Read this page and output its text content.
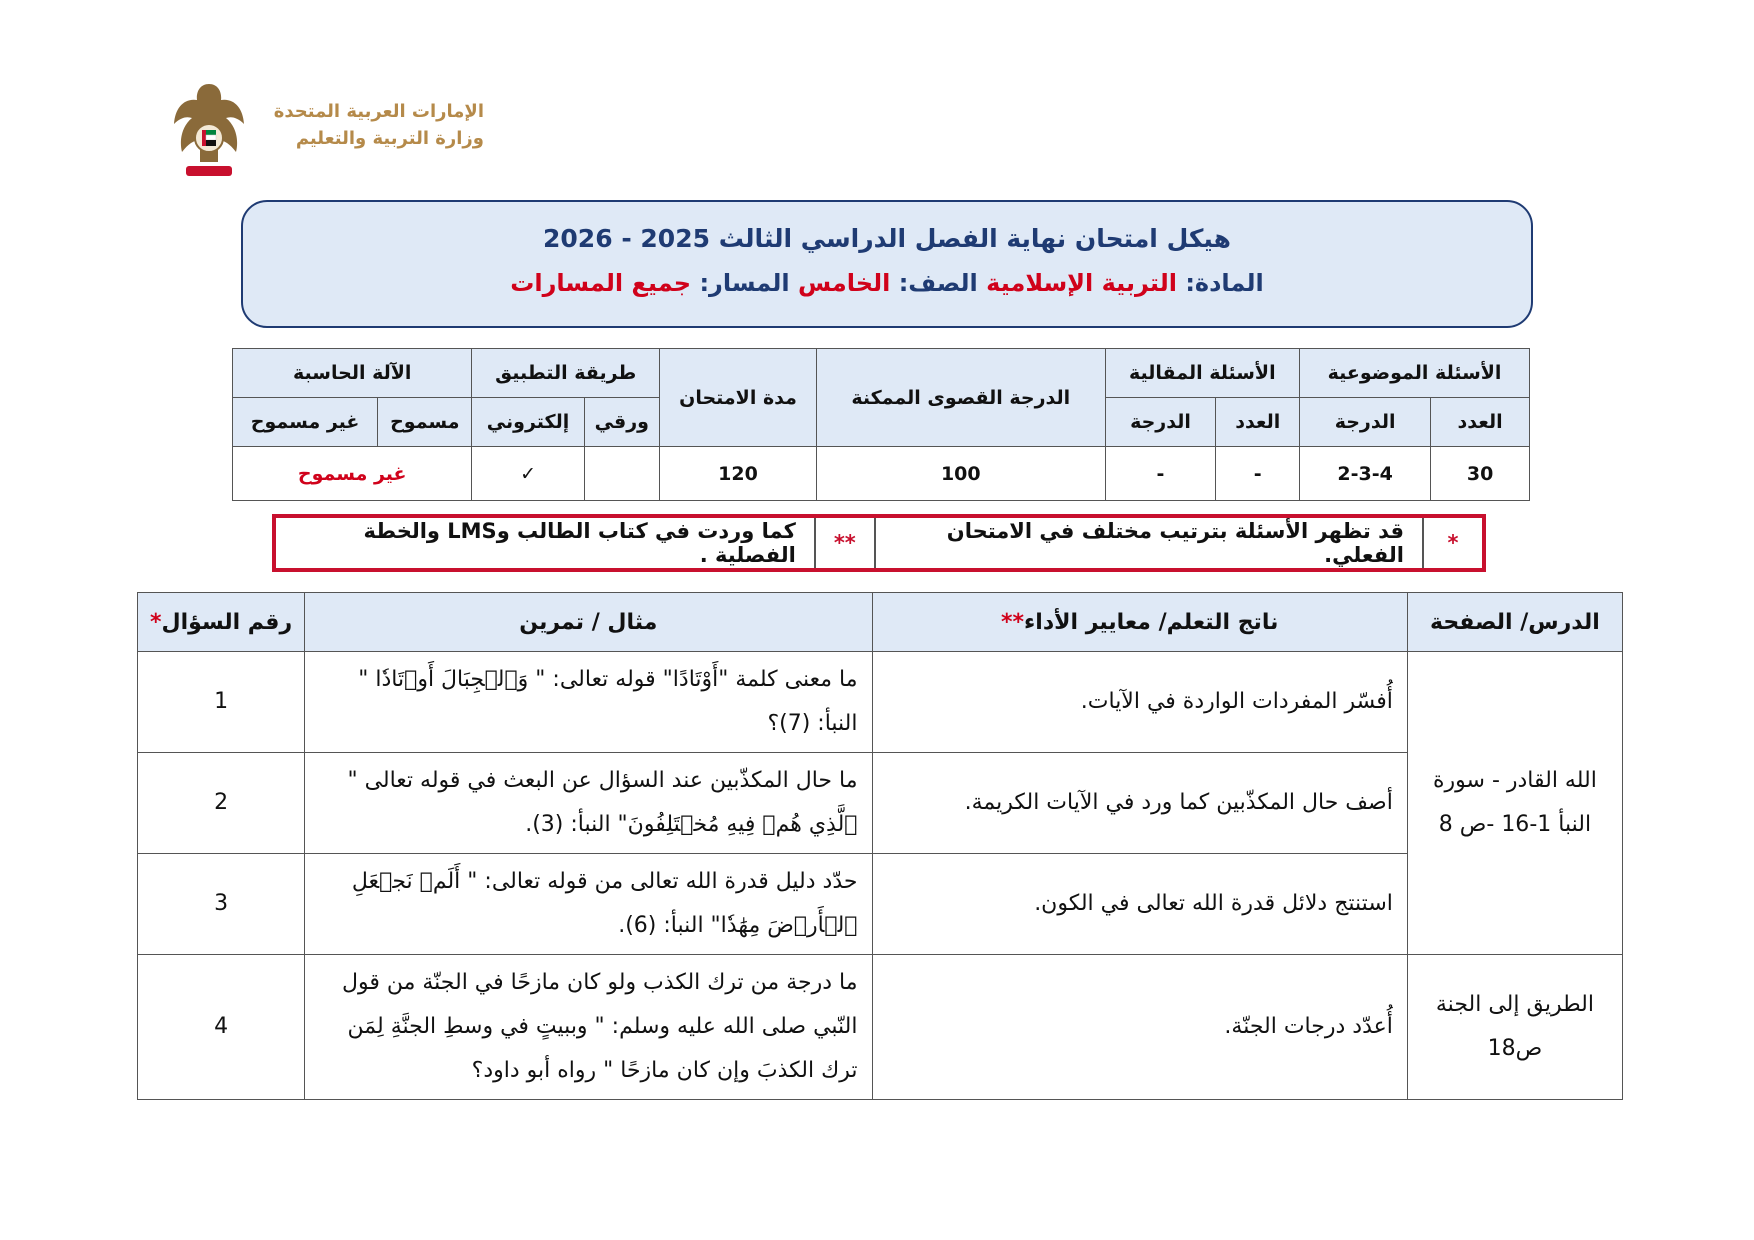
الإمارات العربية المتحدة
وزارة التربية والتعليم
هيكل امتحان نهاية الفصل الدراسي الثالث 2025 - 2026
المادة: التربية الإسلامية الصف: الخامس المسار: جميع المسارات
الأسئلة الموضوعية		الأسئلة المقالية		الدرجة القصوى الممكنة	مدة الامتحان	طريقة التطبيق		الآلة الحاسبة	
العدد	الدرجة	العدد	الدرجة			ورقي	إلكتروني	مسموح	غير مسموح
30	2-3-4	-	-	100	120		✓	غير مسموح	
*	قد تظهر الأسئلة بترتيب مختلف في الامتحان الفعلي.	**	كما وردت في كتاب الطالب وLMS والخطة الفصلية .
الدرس/ الصفحة	ناتج التعلم/ معايير الأداء**	مثال / تمرين	رقم السؤال*
الله القادر - سورة النبأ 1-16 -ص 8	أُفسّر المفردات الواردة في الآيات.	ما معنى كلمة "أَوْتَادًا" قوله تعالى: " وَٱلۡجِبَالَ أَوۡتَادٗا " النبأ: (7)؟	1
	أصف حال المكذّبين كما ورد في الآيات الكريمة.	ما حال المكذّبين عند السؤال عن البعث في قوله تعالى " ٱلَّذِي هُمۡ فِيهِ مُخۡتَلِفُونَ" النبأ: (3).	2
	استنتج دلائل قدرة الله تعالى في الكون.	حدّد دليل قدرة الله تعالى من قوله تعالى: " أَلَمۡ نَجۡعَلِ ٱلۡأَرۡضَ مِهَٰدٗا" النبأ: (6).	3
الطريق إلى الجنة ص18	أُعدّد درجات الجنّة.	ما درجة من ترك الكذب ولو كان مازحًا في الجنّة من قول النّبي صلى الله عليه وسلم: " وببيتٍ في وسطِ الجنَّةِ لِمَن ترك الكذبَ وإن كان مازحًا " رواه أبو داود؟	4
